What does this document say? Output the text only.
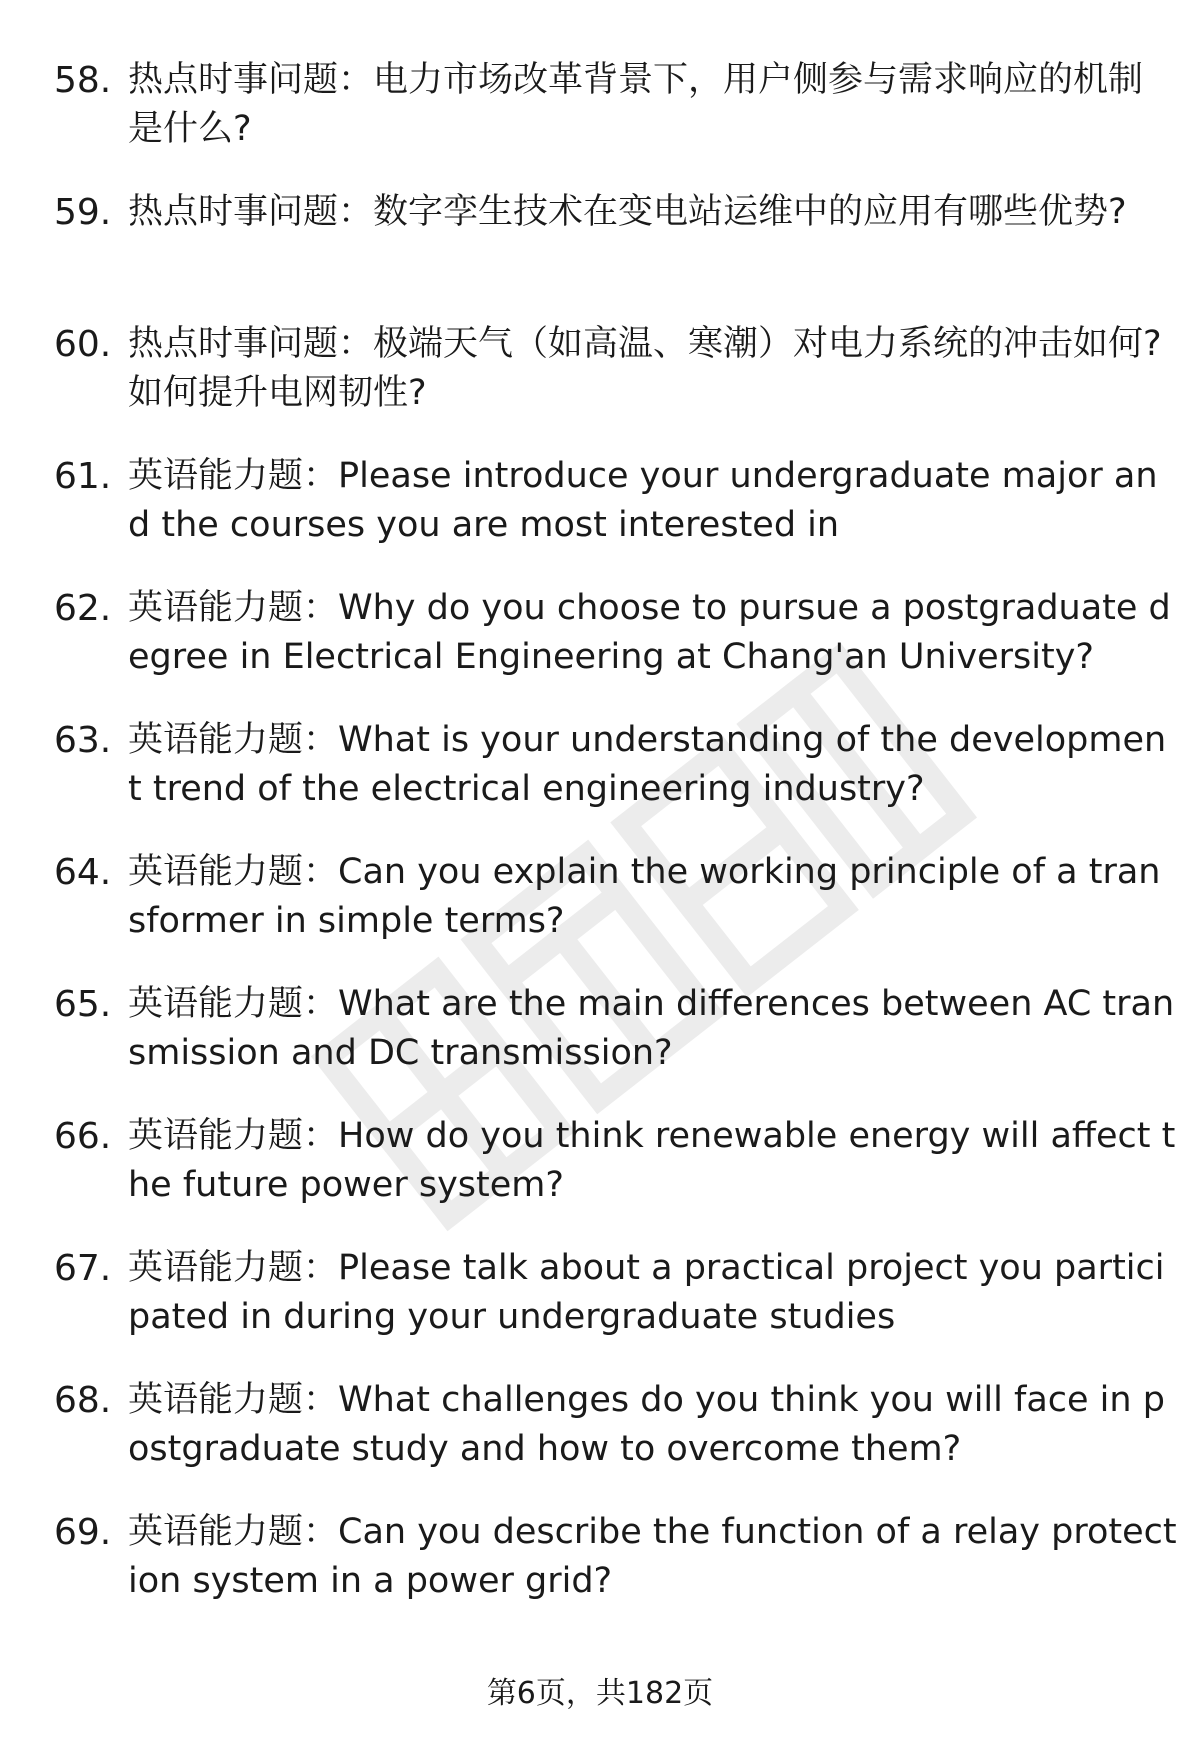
58. 热点时事问题：电力市场改革背景下，用户侧参与需求响应的机制是什么?
59. 热点时事问题：数字孪生技术在变电站运维中的应用有哪些优势?
60. 热点时事问题：极端天气（如高温、寒潮）对电力系统的冲击如何? 如何提升电网韧性?
61. 英语能力题：Please introduce your undergraduate major and the courses you are most interested in
62. 英语能力题：Why do you choose to pursue a postgraduate degree in Electrical Engineering at Chang'an University?
63. 英语能力题：What is your understanding of the development trend of the electrical engineering industry?
64. 英语能力题：Can you explain the working principle of a transformer in simple terms?
65. 英语能力题：What are the main differences between AC transmission and DC transmission?
66. 英语能力题：How do you think renewable energy will affect the future power system?
67. 英语能力题：Please talk about a practical project you participated in during your undergraduate studies
68. 英语能力题：What challenges do you think you will face in postgraduate study and how to overcome them?
69. 英语能力题：Can you describe the function of a relay protection system in a power grid?
第6页，共182页
